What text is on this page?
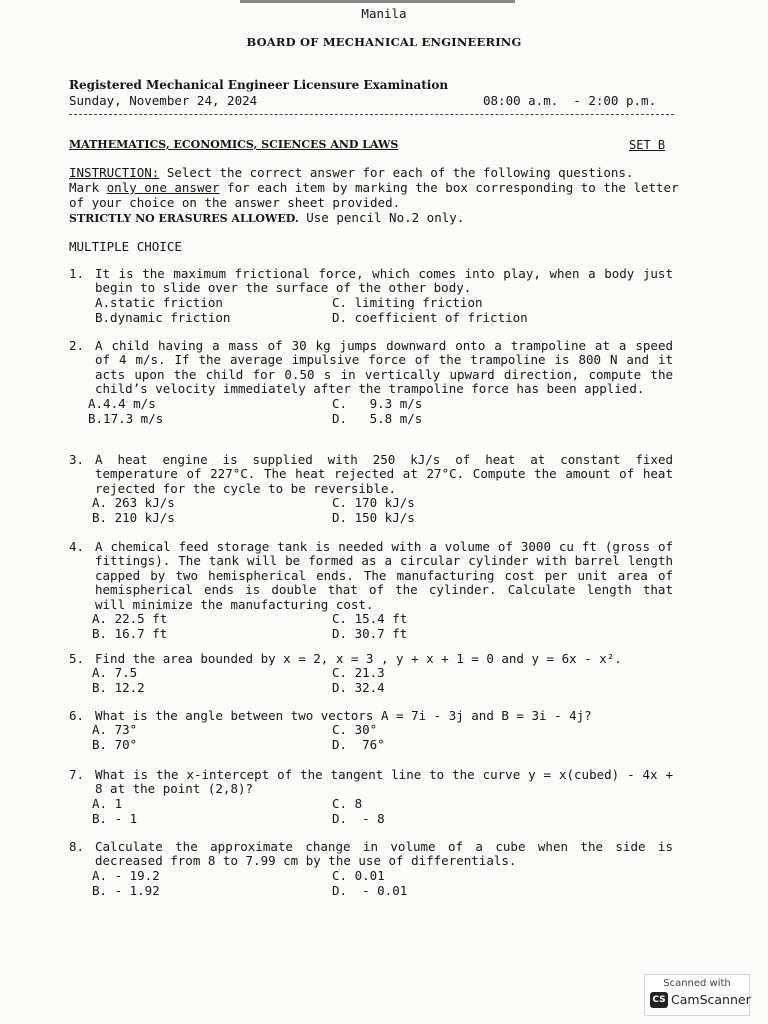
Manila
BOARD OF MECHANICAL ENGINEERING
Registered Mechanical Engineer Licensure Examination
Sunday, November 24, 2024	08:00 a.m.  - 2:00 p.m.
MATHEMATICS, ECONOMICS, SCIENCES AND LAWS	SET B
INSTRUCTION: Select the correct answer for each of the following questions.
Mark only one answer for each item by marking the box corresponding to the letter of your choice on the answer sheet provided.
STRICTLY NO ERASURES ALLOWED. Use pencil No.2 only.
MULTIPLE CHOICE
1. It is the maximum frictional force, which comes into play, when a body just begin to slide over the surface of the other body.
A.static friction
B.dynamic friction
C. limiting friction
D. coefficient of friction
2. A child having a mass of 30 kg jumps downward onto a trampoline at a speed of 4 m/s. If the average impulsive force of the trampoline is 800 N and it acts upon the child for 0.50 s in vertically upward direction, compute the child’s velocity immediately after the trampoline force has been applied.
A.4.4 m/s
B.17.3 m/s
C.   9.3 m/s
D.   5.8 m/s
3. A heat engine is supplied with 250 kJ/s of heat at constant fixed temperature of 227°C. The heat rejected at 27°C. Compute the amount of heat rejected for the cycle to be reversible.
A. 263 kJ/s
B. 210 kJ/s
C. 170 kJ/s
D. 150 kJ/s
4. A chemical feed storage tank is needed with a volume of 3000 cu ft (gross of fittings). The tank will be formed as a circular cylinder with barrel length capped by two hemispherical ends. The manufacturing cost per unit area of hemispherical ends is double that of the cylinder. Calculate length that will minimize the manufacturing cost.
A. 22.5 ft
B. 16.7 ft
C. 15.4 ft
D. 30.7 ft
5. Find the area bounded by x = 2, x = 3 , y + x + 1 = 0 and y = 6x - x².
A. 7.5
B. 12.2
C. 21.3
D. 32.4
6. What is the angle between two vectors A = 7i - 3j and B = 3i - 4j?
A. 73°
B. 70°
C. 30°
D.  76°
7. What is the x-intercept of the tangent line to the curve y = x(cubed) - 4x + 8 at the point (2,8)?
A. 1
B. - 1
C. 8
D.  - 8
8. Calculate the approximate change in volume of a cube when the side is decreased from 8 to 7.99 cm by the use of differentials.
A. - 19.2
B. - 1.92
C. 0.01
D.  - 0.01
Scanned with
CS CamScanner
